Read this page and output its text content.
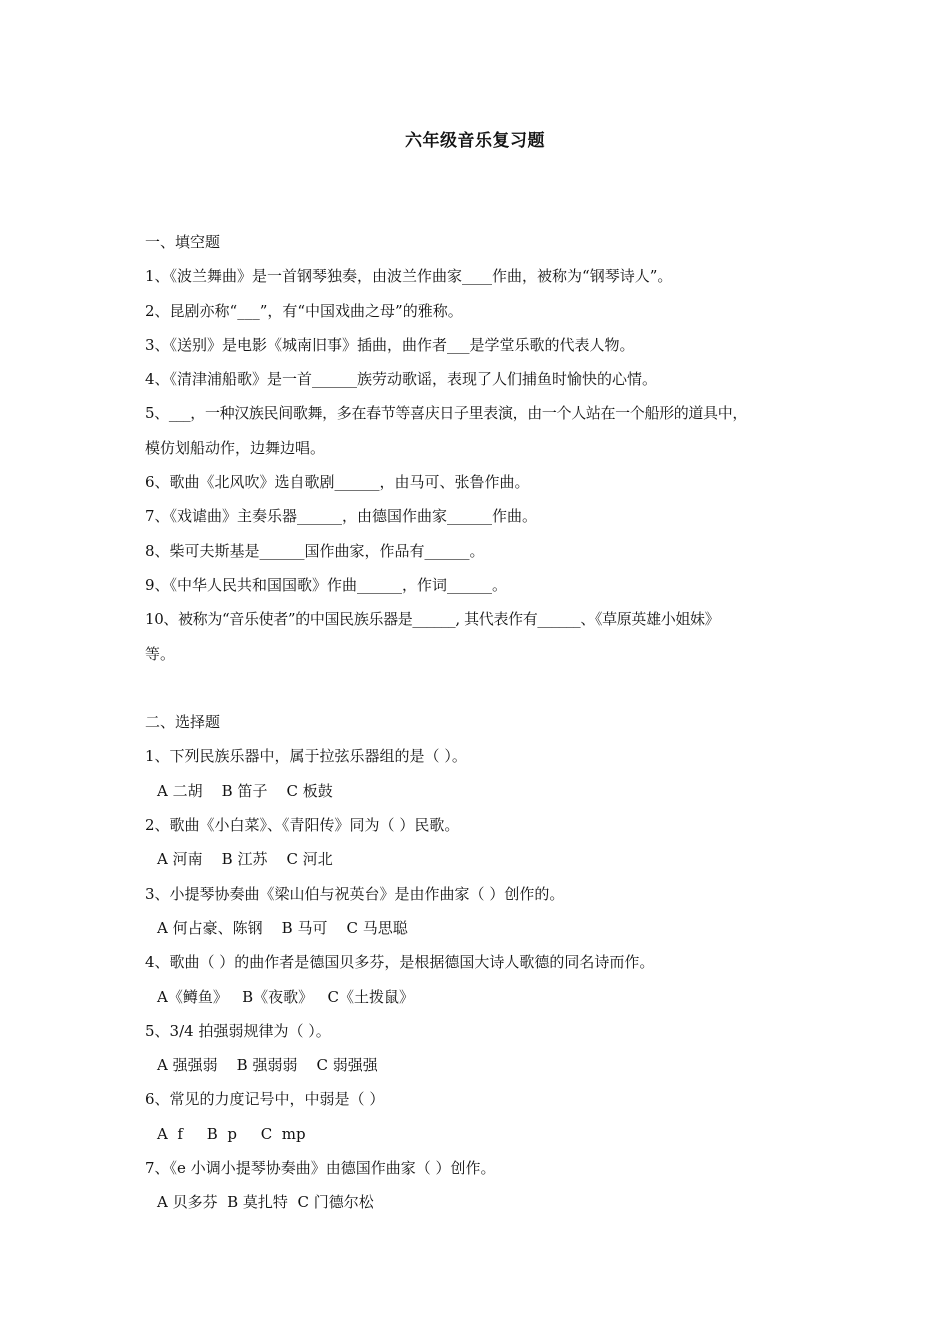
六年级音乐复习题
一、填空题
1、《波兰舞曲》是一首钢琴独奏，由波兰作曲家____作曲，被称为“钢琴诗人”。
2、昆剧亦称“___”，有“中国戏曲之母”的雅称。
3、《送别》是电影《城南旧事》插曲，曲作者___是学堂乐歌的代表人物。
4、《清津浦船歌》是一首______族劳动歌谣，表现了人们捕鱼时愉快的心情。
5、___，一种汉族民间歌舞，多在春节等喜庆日子里表演，由一个人站在一个船形的道具中，
模仿划船动作，边舞边唱。
6、歌曲《北风吹》选自歌剧______，由马可、张鲁作曲。
7、《戏谑曲》主奏乐器______，由德国作曲家______作曲。
8、柴可夫斯基是______国作曲家，作品有______。
9、《中华人民共和国国歌》作曲______，作词______。
10、被称为“音乐使者”的中国民族乐器是______, 其代表作有______、《草原英雄小姐妹》
等。
二、选择题
1、下列民族乐器中，属于拉弦乐器组的是（ ）。
A 二胡    B 笛子    C 板鼓
2、歌曲《小白菜》、《青阳传》同为（ ）民歌。
A 河南    B 江苏    C 河北
3、小提琴协奏曲《梁山伯与祝英台》是由作曲家（ ）创作的。
A 何占豪、陈钢    B 马可    C 马思聪
4、歌曲（ ）的曲作者是德国贝多芬，是根据德国大诗人歌德的同名诗而作。
A《鳟鱼》   B《夜歌》   C《土拨鼠》
5、3/4 拍强弱规律为（ ）。
A 强强弱    B 强弱弱    C 弱强强
6、常见的力度记号中，中弱是（ ）
A  f     B  p     C  mp
7、《e 小调小提琴协奏曲》由德国作曲家（ ）创作。
A 贝多芬  B 莫扎特  C 门德尔松
